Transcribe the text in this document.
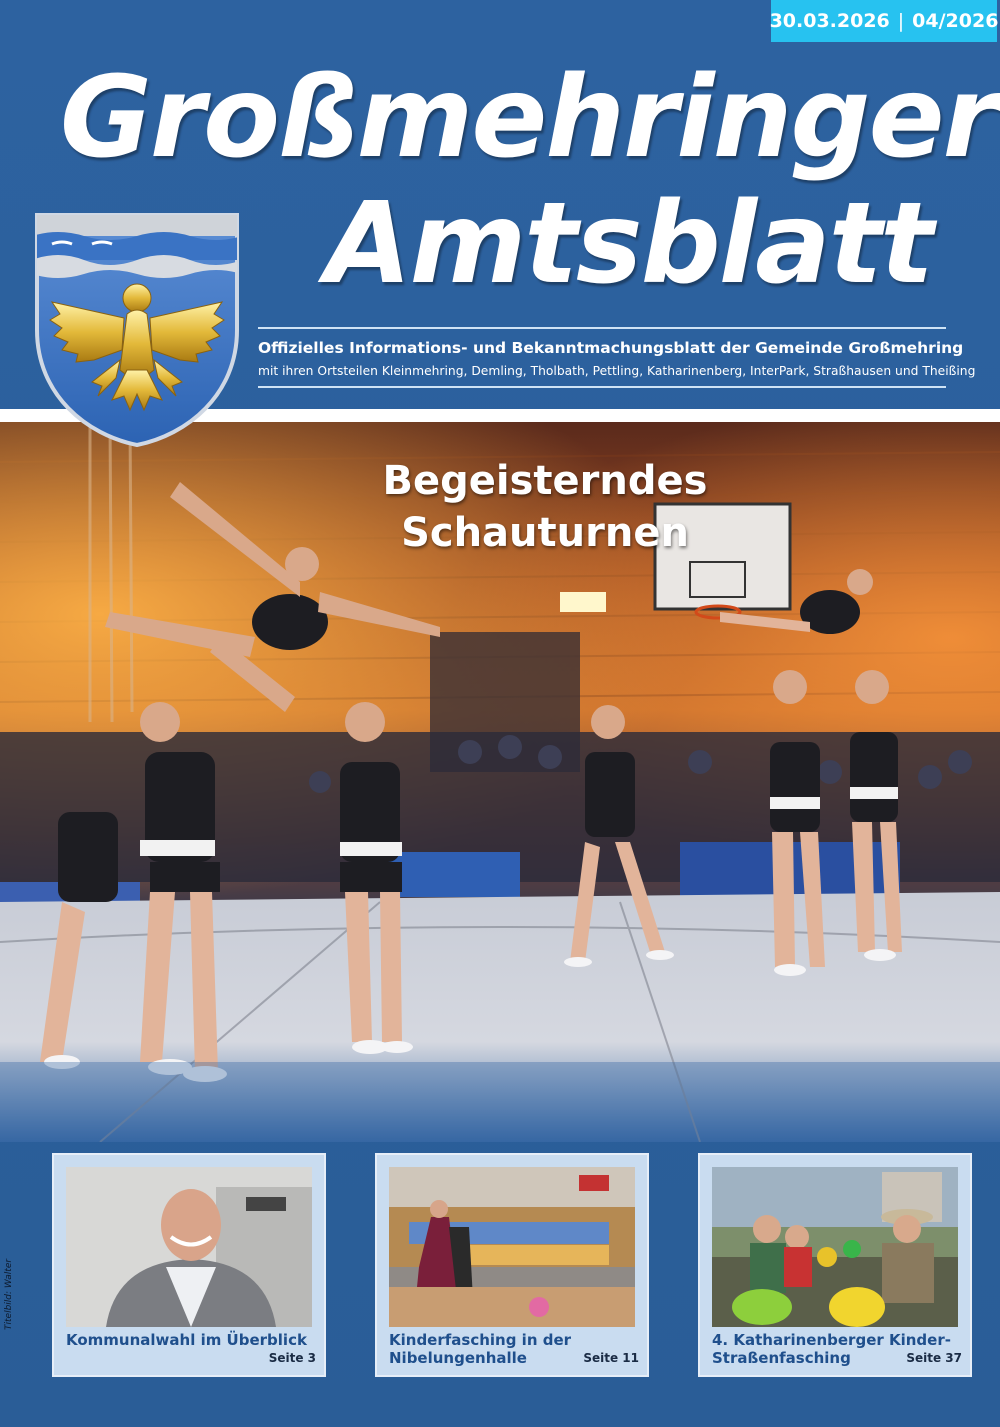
30.03.2026 | 04/2026
Großmehringer
Amtsblatt
Offizielles Informations- und Bekanntmachungsblatt der Gemeinde Großmehring
mit ihren Ortsteilen Kleinmehring, Demling, Tholbath, Pettling, Katharinenberg, InterPark, Straßhausen und Theißing
Begeisterndes
Schauturnen
Kommunalwahl im Überblick
Seite 3
Kinderfasching in der Nibelungenhalle	Seite 11
4. Katharinenberger Kinder-Straßenfasching	Seite 37
Titelbild: Walter
